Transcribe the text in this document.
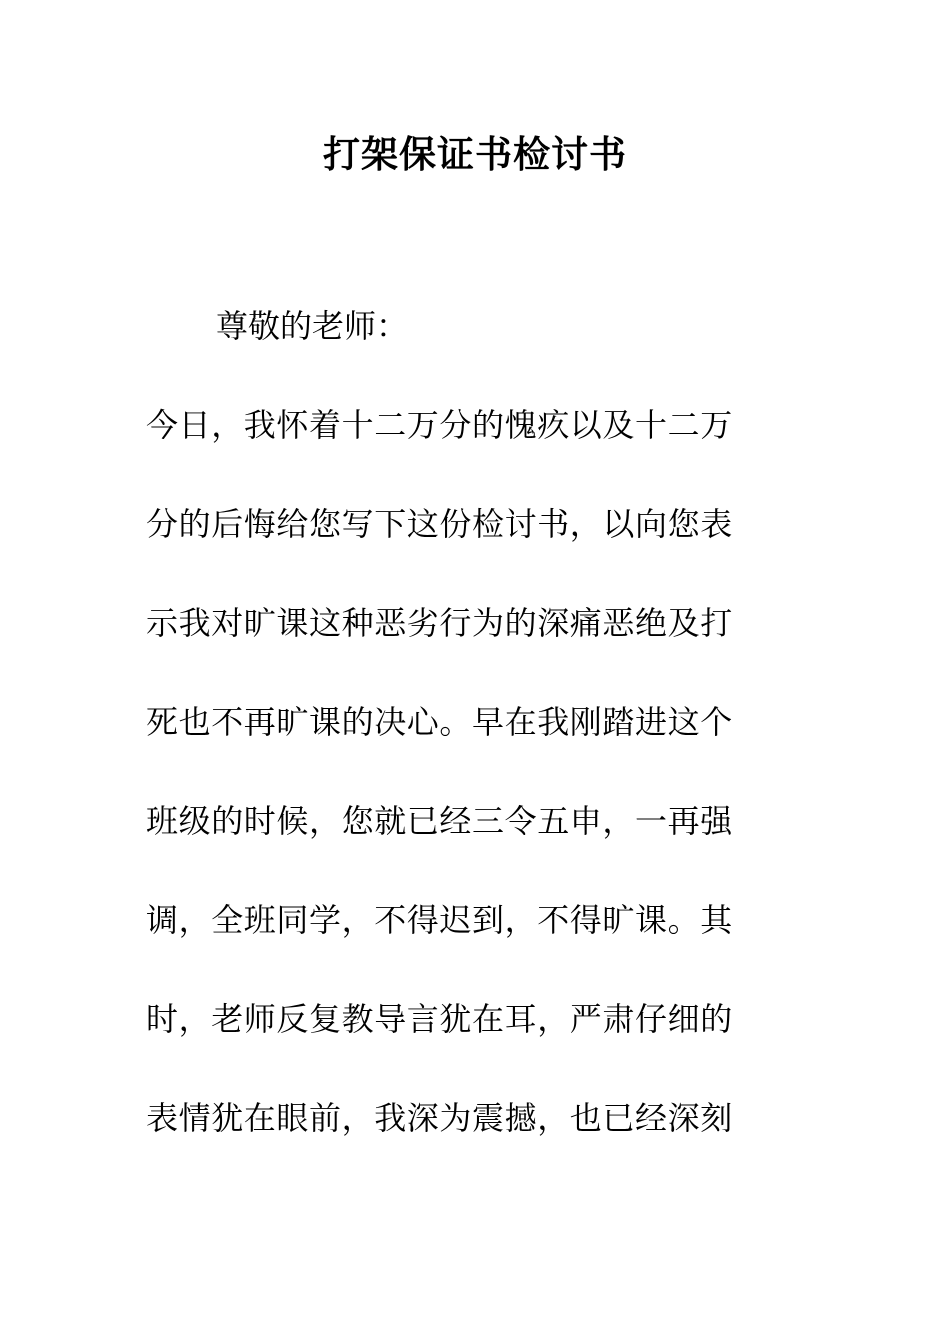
打架保证书检讨书

尊敬的老师：

今日，我怀着十二万分的愧疚以及十二万
分的后悔给您写下这份检讨书，以向您表
示我对旷课这种恶劣行为的深痛恶绝及打
死也不再旷课的决心。早在我刚踏进这个
班级的时候，您就已经三令五申，一再强
调，全班同学，不得迟到，不得旷课。其
时，老师反复教导言犹在耳，严肃仔细的
表情犹在眼前，我深为震撼，也已经深刻
